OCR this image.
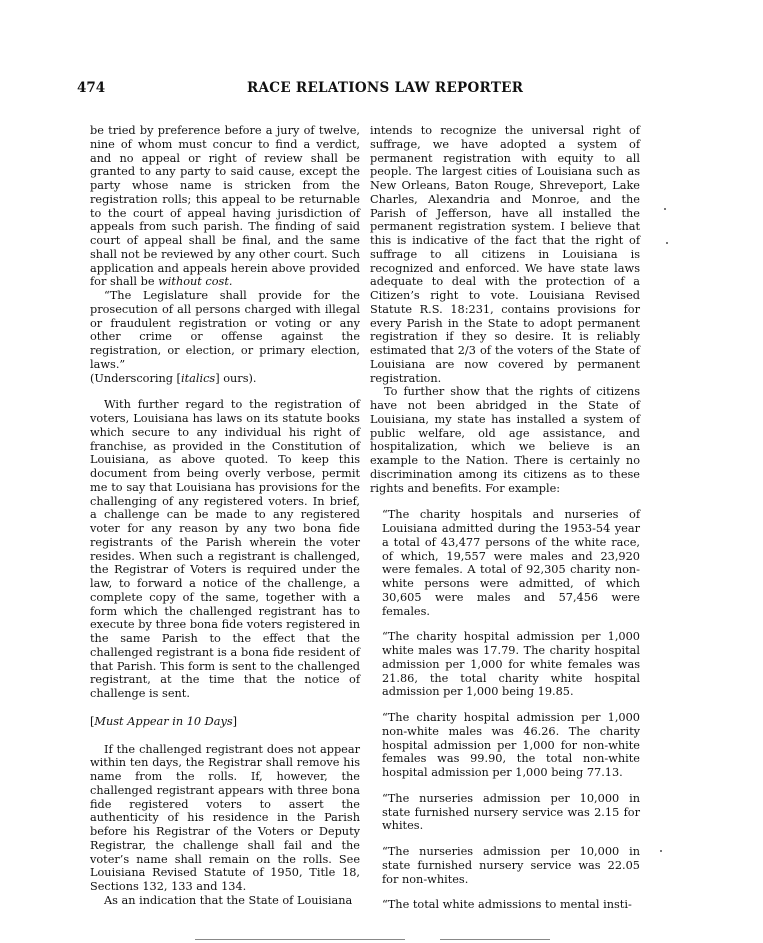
474	RACE RELATIONS LAW REPORTER

be tried by preference before a jury of twelve, nine of whom must concur to find a verdict, and no appeal or right of review shall be granted to any party to said cause, except the party whose name is stricken from the registration rolls; this appeal to be returnable to the court of appeal having jurisdiction of appeals from such parish. The finding of said court of appeal shall be final, and the same shall not be reviewed by any other court. Such application and appeals herein above provided for shall be without cost.

“The Legislature shall provide for the prosecution of all persons charged with illegal or fraudulent registration or voting or any other crime or offense against the registration, or election, or primary election, laws.”

(Underscoring [italics] ours).

With further regard to the registration of voters, Louisiana has laws on its statute books which secure to any individual his right of franchise, as provided in the Constitution of Louisiana, as above quoted. To keep this document from being overly verbose, permit me to say that Louisiana has provisions for the challenging of any registered voters. In brief, a challenge can be made to any registered voter for any reason by any two bona fide registrants of the Parish wherein the voter resides. When such a registrant is challenged, the Registrar of Voters is required under the law, to forward a notice of the challenge, a complete copy of the same, together with a form which the challenged registrant has to execute by three bona fide voters registered in the same Parish to the effect that the challenged registrant is a bona fide resident of that Parish. This form is sent to the challenged registrant, at the time that the notice of challenge is sent.

[Must Appear in 10 Days]

If the challenged registrant does not appear within ten days, the Registrar shall remove his name from the rolls. If, however, the challenged registrant appears with three bona fide registered voters to assert the authenticity of his residence in the Parish before his Registrar of the Voters or Deputy Registrar, the challenge shall fail and the voter’s name shall remain on the rolls. See Louisiana Revised Statute of 1950, Title 18, Sections 132, 133 and 134.

As an indication that the State of Louisiana

intends to recognize the universal right of suffrage, we have adopted a system of permanent registration with equity to all people. The largest cities of Louisiana such as New Orleans, Baton Rouge, Shreveport, Lake Charles, Alexandria and Monroe, and the Parish of Jefferson, have all installed the permanent registration system. I believe that this is indicative of the fact that the right of suffrage to all citizens in Louisiana is recognized and enforced. We have state laws adequate to deal with the protection of a Citizen’s right to vote. Louisiana Revised Statute R.S. 18:231, contains provisions for every Parish in the State to adopt permanent registration if they so desire. It is reliably estimated that 2/3 of the voters of the State of Louisiana are now covered by permanent registration.

To further show that the rights of citizens have not been abridged in the State of Louisiana, my state has installed a system of public welfare, old age assistance, and hospitalization, which we believe is an example to the Nation. There is certainly no discrimination among its citizens as to these rights and benefits. For example:

“The charity hospitals and nurseries of Louisiana admitted during the 1953-54 year a total of 43,477 persons of the white race, of which, 19,557 were males and 23,920 were females. A total of 92,305 charity non-white persons were admitted, of which 30,605 were males and 57,456 were females.

“The charity hospital admission per 1,000 white males was 17.79. The charity hospital admission per 1,000 for white females was 21.86, the total charity white hospital admission per 1,000 being 19.85.

“The charity hospital admission per 1,000 non-white males was 46.26. The charity hospital admission per 1,000 for non-white females was 99.90, the total non-white hospital admission per 1,000 being 77.13.

“The nurseries admission per 10,000 in state furnished nursery service was 2.15 for whites.

“The nurseries admission per 10,000 in state furnished nursery service was 22.05 for non-whites.

“The total white admissions to mental insti-
